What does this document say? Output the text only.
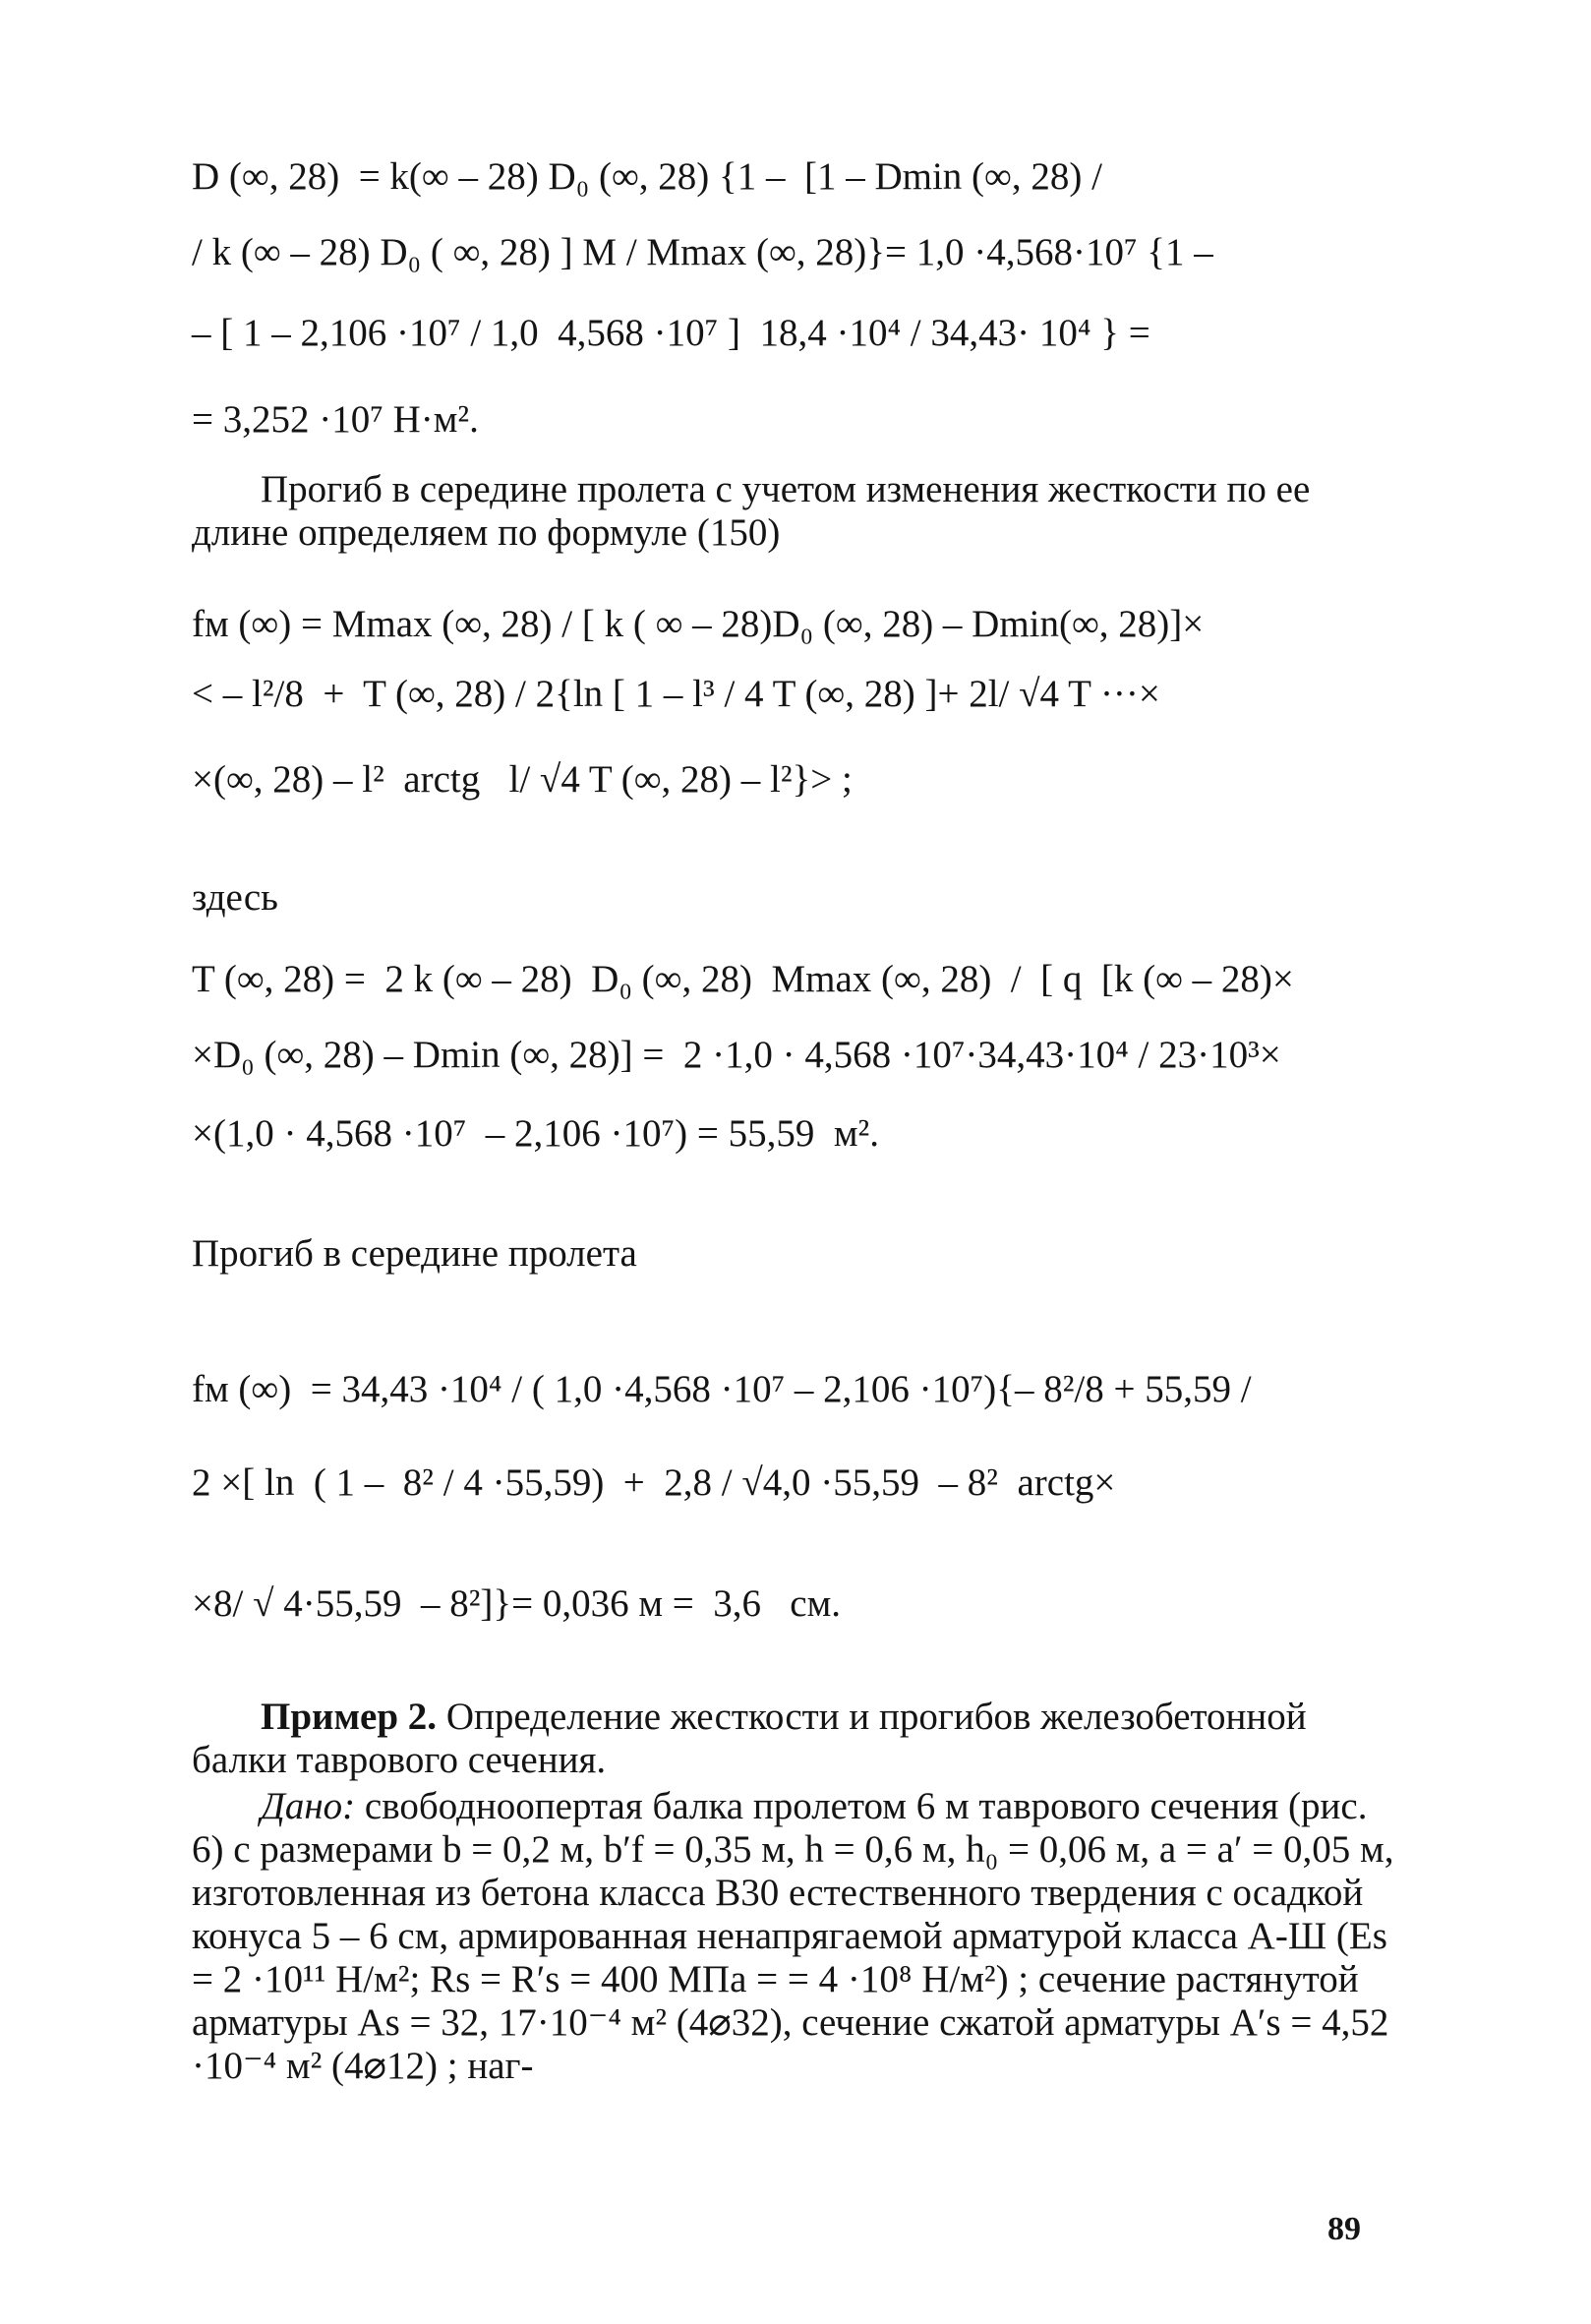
D (∞, 28)  = k(∞ – 28) D₀ (∞, 28) {1 –  [1 – Dmin (∞, 28) /
/ k (∞ – 28) D₀ ( ∞, 28) ] M / Mmax (∞, 28)}= 1,0 ·4,568·10⁷ {1 –
– [ 1 – 2,106 ·10⁷ / 1,0  4,568 ·10⁷ ]  18,4 ·10⁴ / 34,43· 10⁴ } =
= 3,252 ·10⁷ Н·м².
Прогиб в середине пролета с учетом изменения жесткости по ее длине определяем по формуле (150)
fм (∞) = Mmax (∞, 28) / [ k ( ∞ – 28)D₀ (∞, 28) – Dmin(∞, 28)]×
< – l²/8  +  T (∞, 28) / 2{ln [ 1 – l³ / 4 T (∞, 28) ]+ 2l/ √4 T ···×
×(∞, 28) – l²  arctg   l/ √4 T (∞, 28) – l²}> ;
здесь
T (∞, 28) =  2 k (∞ – 28)  D₀ (∞, 28)  Mmax (∞, 28)  /  [ q  [k (∞ – 28)×
×D₀ (∞, 28) – Dmin (∞, 28)] =  2 ·1,0 · 4,568 ·10⁷·34,43·10⁴ / 23·10³×
×(1,0 · 4,568 ·10⁷  – 2,106 ·10⁷) = 55,59  м².
Прогиб в середине пролета
fм (∞)  = 34,43 ·10⁴ / ( 1,0 ·4,568 ·10⁷ – 2,106 ·10⁷){– 8²/8 + 55,59 /
2 ×[ ln  ( 1 –  8² / 4 ·55,59)  +  2,8 / √4,0 ·55,59  – 8²  arctg×
×8/ √ 4·55,59  – 8²]}= 0,036 м =  3,6   см.
Пример 2. Определение жесткости и прогибов железобетонной балки таврового сечения.
Дано: свободноопертая балка пролетом 6 м таврового сечения (рис. 6) с размерами b = 0,2 м, b′f = 0,35 м, h = 0,6 м, h₀ = 0,06 м, a = a′ = 0,05 м, изготовленная из бетона класса B30 естественного твердения с осадкой конуса 5 – 6 см, армированная ненапрягаемой арматурой класса А-Ш (Es = 2 ·10¹¹ Н/м²; Rs = R′s = 400 МПа = = 4 ·10⁸ Н/м²) ; сечение растянутой арматуры As = 32, 17·10⁻⁴ м² (4⌀32), сечение сжатой арматуры A′s = 4,52 ·10⁻⁴ м² (4⌀12) ; наг-
89
